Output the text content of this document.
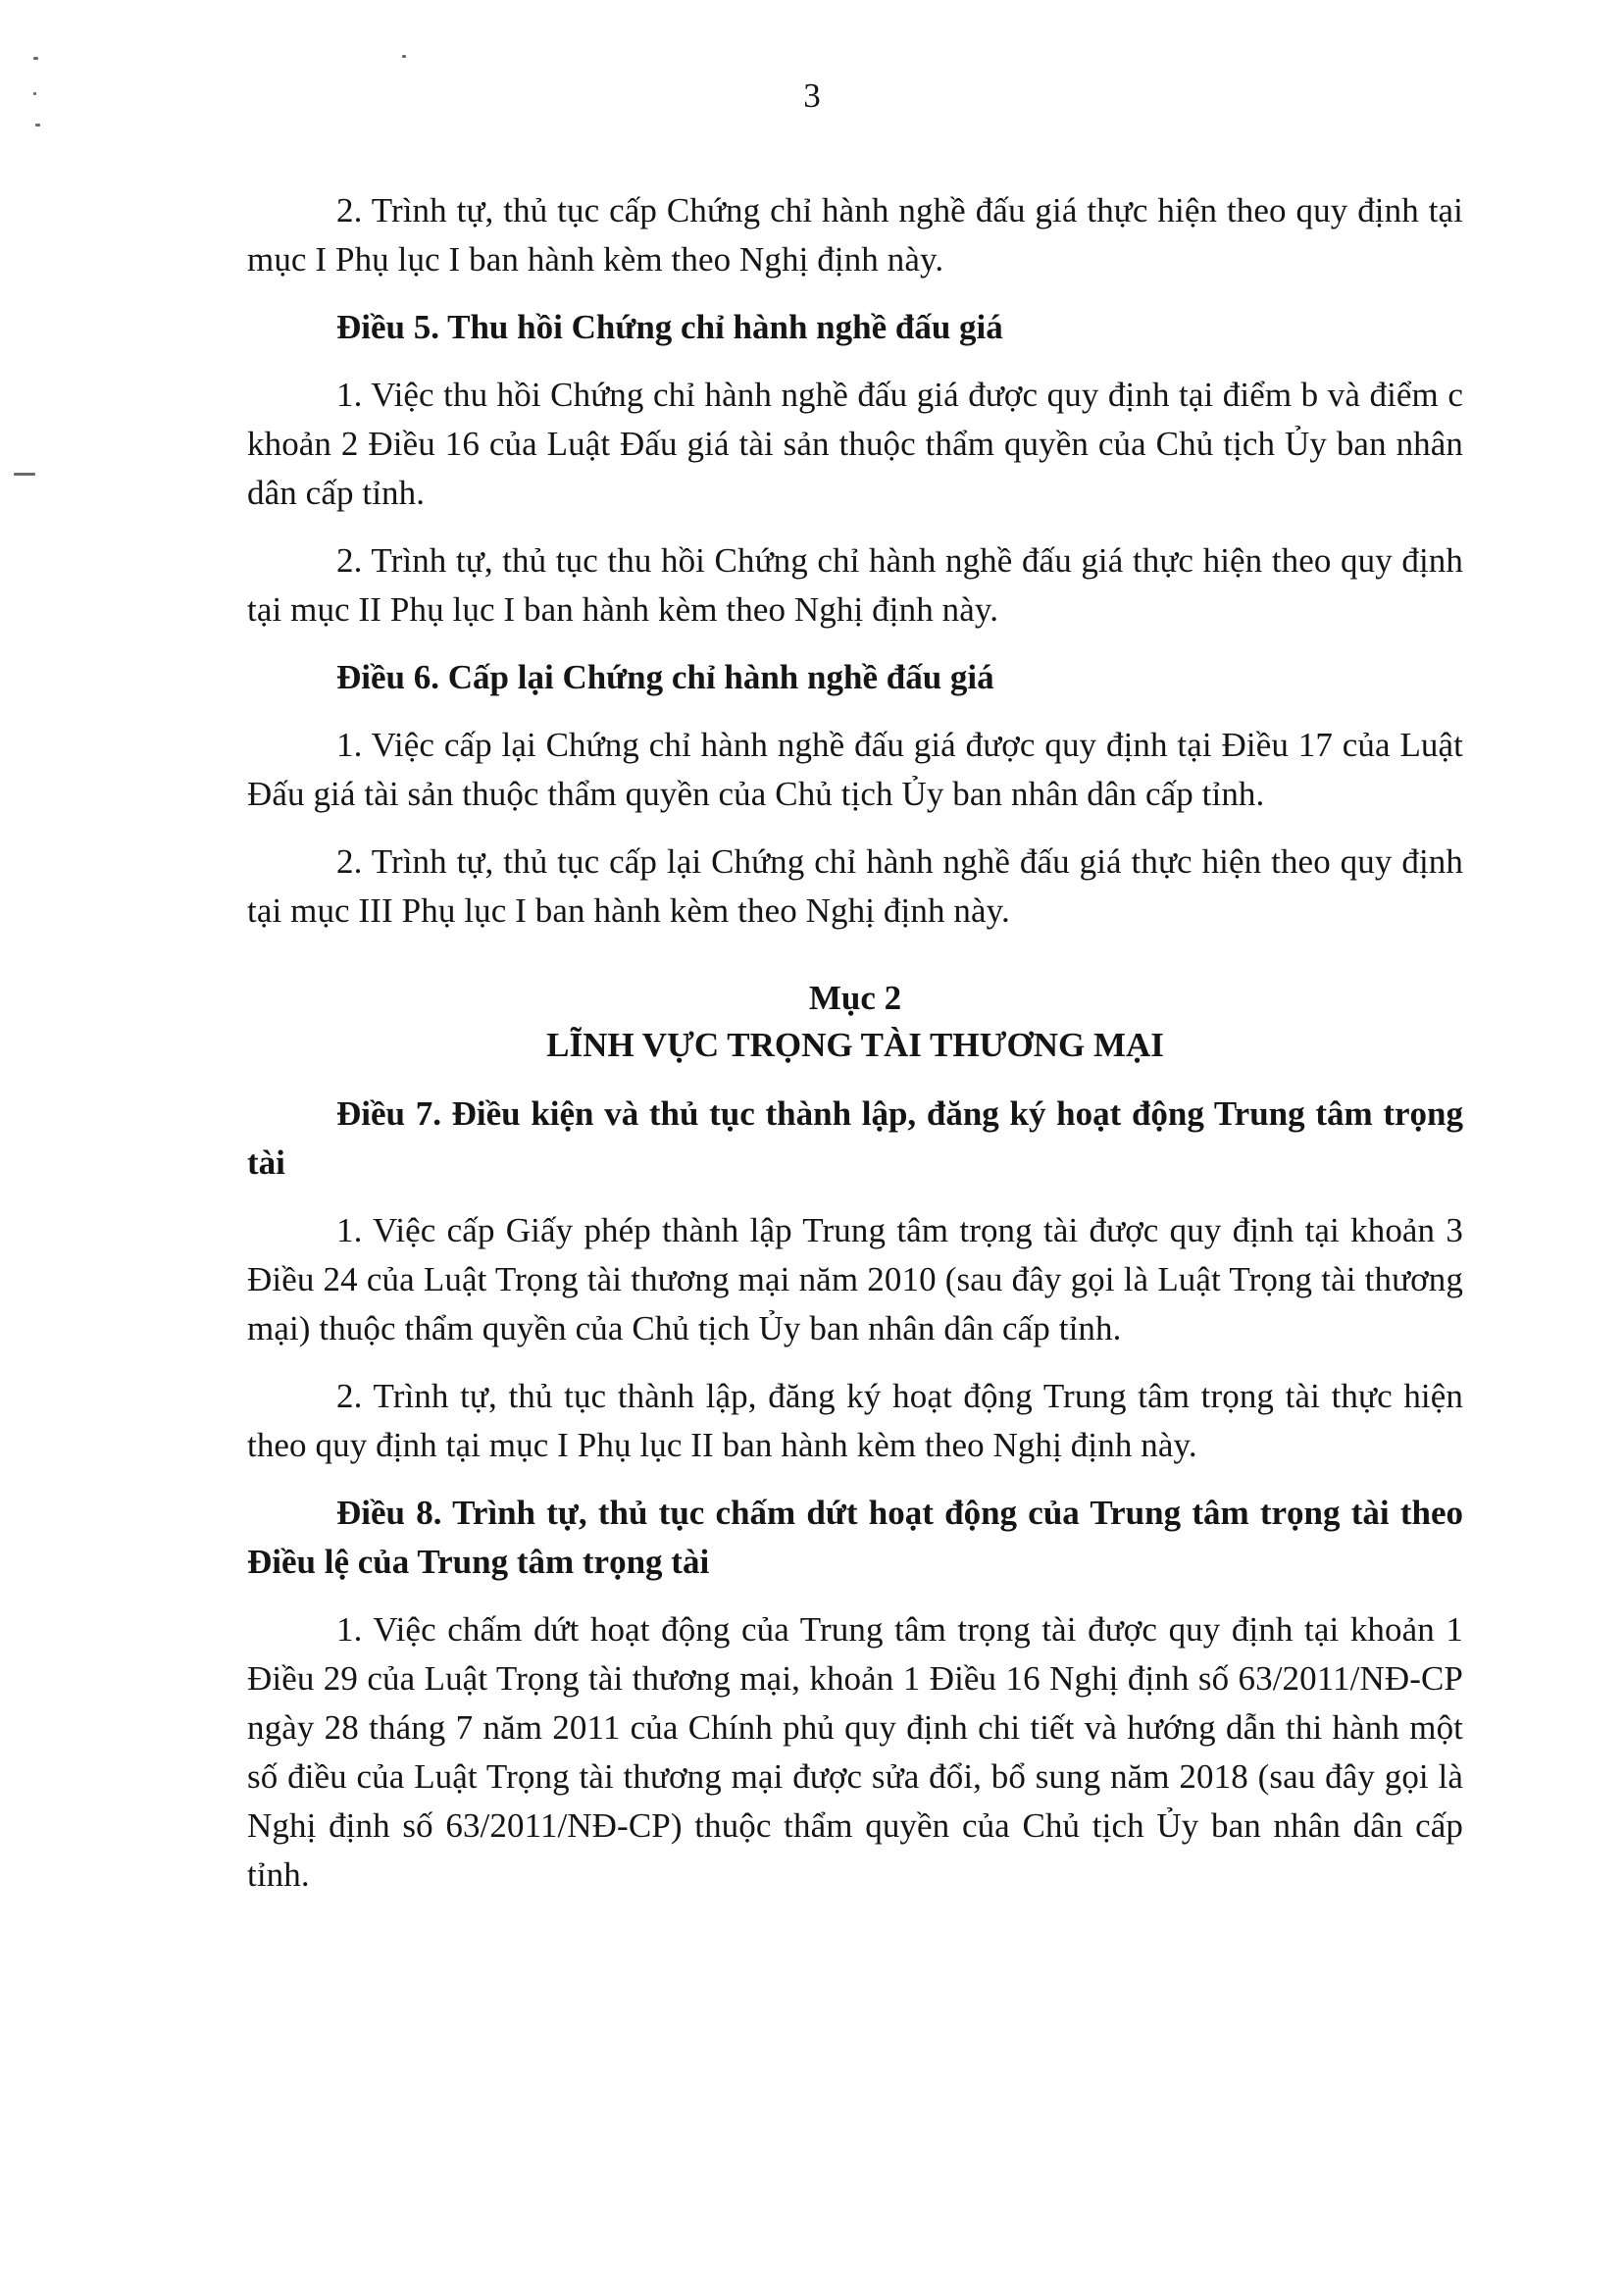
3

2. Trình tự, thủ tục cấp Chứng chỉ hành nghề đấu giá thực hiện theo quy định tại mục I Phụ lục I ban hành kèm theo Nghị định này.

Điều 5. Thu hồi Chứng chỉ hành nghề đấu giá

1. Việc thu hồi Chứng chỉ hành nghề đấu giá được quy định tại điểm b và điểm c khoản 2 Điều 16 của Luật Đấu giá tài sản thuộc thẩm quyền của Chủ tịch Ủy ban nhân dân cấp tỉnh.

2. Trình tự, thủ tục thu hồi Chứng chỉ hành nghề đấu giá thực hiện theo quy định tại mục II Phụ lục I ban hành kèm theo Nghị định này.

Điều 6. Cấp lại Chứng chỉ hành nghề đấu giá

1. Việc cấp lại Chứng chỉ hành nghề đấu giá được quy định tại Điều 17 của Luật Đấu giá tài sản thuộc thẩm quyền của Chủ tịch Ủy ban nhân dân cấp tỉnh.

2. Trình tự, thủ tục cấp lại Chứng chỉ hành nghề đấu giá thực hiện theo quy định tại mục III Phụ lục I ban hành kèm theo Nghị định này.

Mục 2

LĨNH VỰC TRỌNG TÀI THƯƠNG MẠI

Điều 7. Điều kiện và thủ tục thành lập, đăng ký hoạt động Trung tâm trọng tài

1. Việc cấp Giấy phép thành lập Trung tâm trọng tài được quy định tại khoản 3 Điều 24 của Luật Trọng tài thương mại năm 2010 (sau đây gọi là Luật Trọng tài thương mại) thuộc thẩm quyền của Chủ tịch Ủy ban nhân dân cấp tỉnh.

2. Trình tự, thủ tục thành lập, đăng ký hoạt động Trung tâm trọng tài thực hiện theo quy định tại mục I Phụ lục II ban hành kèm theo Nghị định này.

Điều 8. Trình tự, thủ tục chấm dứt hoạt động của Trung tâm trọng tài theo Điều lệ của Trung tâm trọng tài

1. Việc chấm dứt hoạt động của Trung tâm trọng tài được quy định tại khoản 1 Điều 29 của Luật Trọng tài thương mại, khoản 1 Điều 16 Nghị định số 63/2011/NĐ-CP ngày 28 tháng 7 năm 2011 của Chính phủ quy định chi tiết và hướng dẫn thi hành một số điều của Luật Trọng tài thương mại được sửa đổi, bổ sung năm 2018 (sau đây gọi là Nghị định số 63/2011/NĐ-CP) thuộc thẩm quyền của Chủ tịch Ủy ban nhân dân cấp tỉnh.
